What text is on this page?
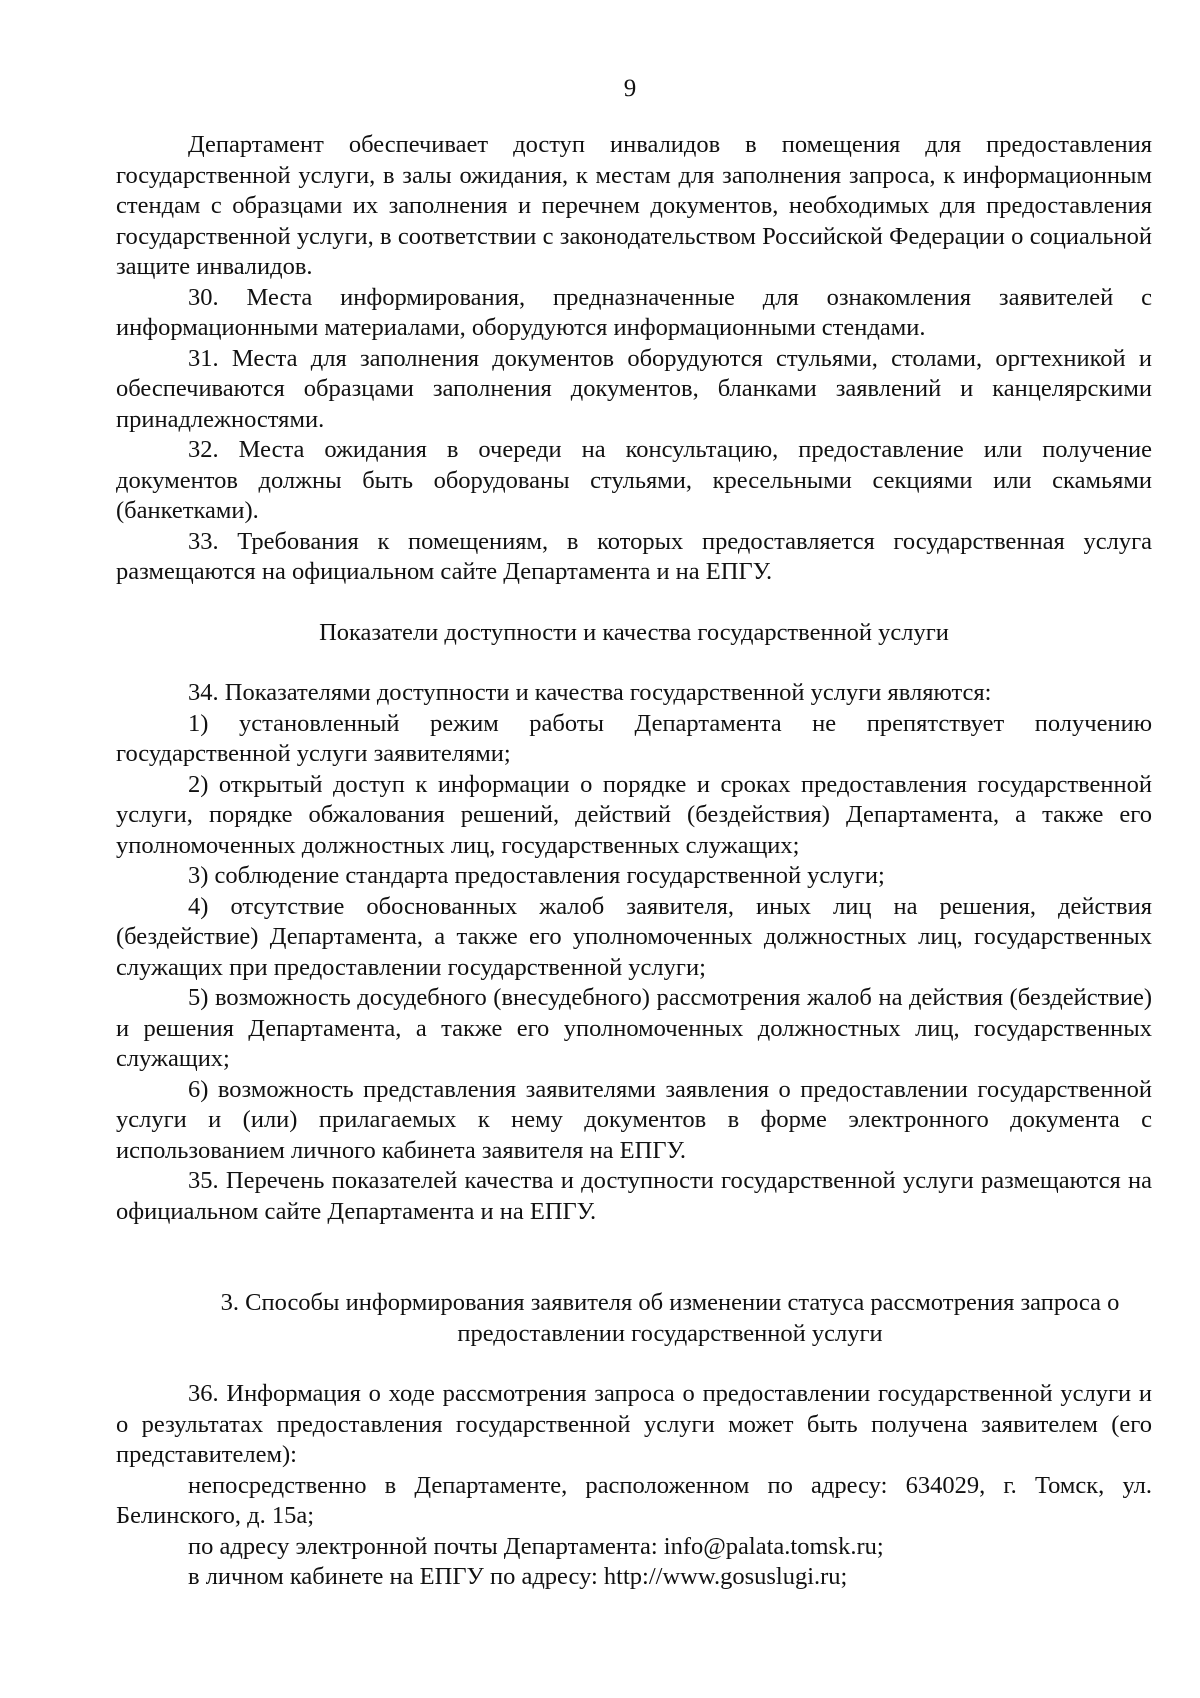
9

Департамент обеспечивает доступ инвалидов в помещения для предоставления государственной услуги, в залы ожидания, к местам для заполнения запроса, к информационным стендам с образцами их заполнения и перечнем документов, необходимых для предоставления государственной услуги, в соответствии с законодательством Российской Федерации о социальной защите инвалидов.

30. Места информирования, предназначенные для ознакомления заявителей с информационными материалами, оборудуются информационными стендами.

31. Места для заполнения документов оборудуются стульями, столами, оргтехникой и обеспечиваются образцами заполнения документов, бланками заявлений и канцелярскими принадлежностями.

32. Места ожидания в очереди на консультацию, предоставление или получение документов должны быть оборудованы стульями, кресельными секциями или скамьями (банкетками).

33. Требования к помещениям, в которых предоставляется государственная услуга размещаются на официальном сайте Департамента и на ЕПГУ.

Показатели доступности и качества государственной услуги

34. Показателями доступности и качества государственной услуги являются:

1) установленный режим работы Департамента не препятствует получению государственной услуги заявителями;

2) открытый доступ к информации о порядке и сроках предоставления государственной услуги, порядке обжалования решений, действий (бездействия) Департамента, а также его уполномоченных должностных лиц, государственных служащих;

3) соблюдение стандарта предоставления государственной услуги;

4) отсутствие обоснованных жалоб заявителя, иных лиц на решения, действия (бездействие) Департамента, а также его уполномоченных должностных лиц, государственных служащих при предоставлении государственной услуги;

5) возможность досудебного (внесудебного) рассмотрения жалоб на действия (бездействие) и решения Департамента, а также его уполномоченных должностных лиц, государственных служащих;

6) возможность представления заявителями заявления о предоставлении государственной услуги и (или) прилагаемых к нему документов в форме электронного документа с использованием личного кабинета заявителя на ЕПГУ.

35. Перечень показателей качества и доступности государственной услуги размещаются на официальном сайте Департамента и на ЕПГУ.

3. Способы информирования заявителя об изменении статуса рассмотрения запроса о предоставлении государственной услуги

36. Информация о ходе рассмотрения запроса о предоставлении государственной услуги и о результатах предоставления государственной услуги может быть получена заявителем (его представителем):

непосредственно в Департаменте, расположенном по адресу: 634029, г. Томск, ул. Белинского, д. 15а;

по адресу электронной почты Департамента: info@palata.tomsk.ru;

в личном кабинете на ЕПГУ по адресу: http://www.gosuslugi.ru;
